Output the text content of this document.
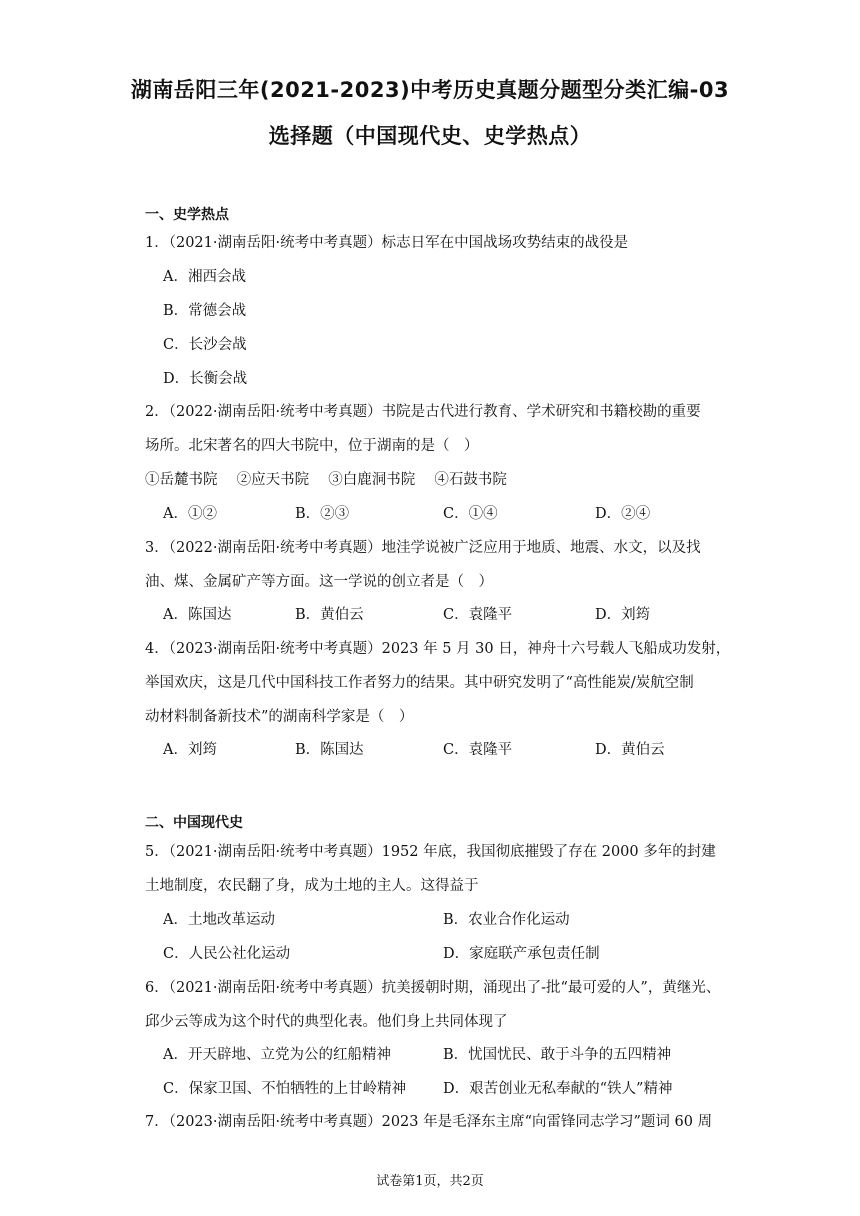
湖南岳阳三年(2021-2023)中考历史真题分题型分类汇编-03
选择题（中国现代史、史学热点）
一、史学热点
1．（2021·湖南岳阳·统考中考真题）标志日军在中国战场攻势结束的战役是
A．湘西会战
B．常德会战
C．长沙会战
D．长衡会战
2．（2022·湖南岳阳·统考中考真题）书院是古代进行教育、学术研究和书籍校勘的重要
场所。北宋著名的四大书院中，位于湖南的是（　）
①岳麓书院　 ②应天书院　 ③白鹿洞书院　 ④石鼓书院
A．①②	B．②③	C．①④	D．②④
3．（2022·湖南岳阳·统考中考真题）地洼学说被广泛应用于地质、地震、水文，以及找
油、煤、金属矿产等方面。这一学说的创立者是（　）
A．陈国达	B．黄伯云	C．袁隆平	D．刘筠
4．（2023·湖南岳阳·统考中考真题）2023 年 5 月 30 日，神舟十六号载人飞船成功发射，
举国欢庆，这是几代中国科技工作者努力的结果。其中研究发明了“高性能炭/炭航空制
动材料制备新技术”的湖南科学家是（　）
A．刘筠	B．陈国达	C．袁隆平	D．黄伯云
二、中国现代史
5．（2021·湖南岳阳·统考中考真题）1952 年底，我国彻底摧毁了存在 2000 多年的封建
土地制度，农民翻了身，成为土地的主人。这得益于
A．土地改革运动	B．农业合作化运动
C．人民公社化运动	D．家庭联产承包责任制
6．（2021·湖南岳阳·统考中考真题）抗美援朝时期，涌现出了-批“最可爱的人”，黄继光、
邱少云等成为这个时代的典型化表。他们身上共同体现了
A．开天辟地、立党为公的红船精神	B．忧国忧民、敢于斗争的五四精神
C．保家卫国、不怕牺牲的上甘岭精神	D．艰苦创业无私奉献的“铁人”精神
7．（2023·湖南岳阳·统考中考真题）2023 年是毛泽东主席“向雷锋同志学习”题词 60 周
试卷第1页，共2页
